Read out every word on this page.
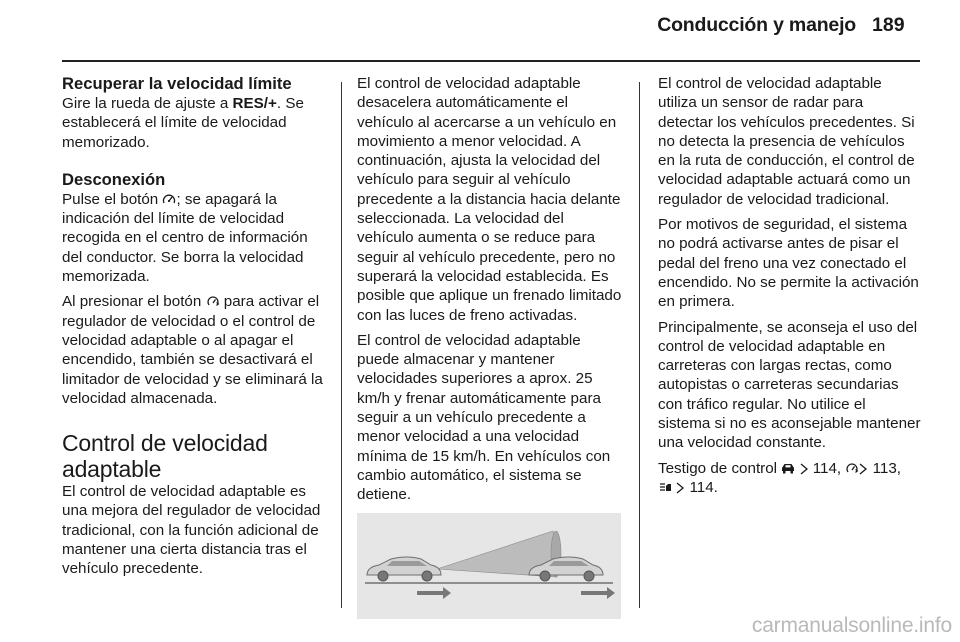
Conducción y manejo 189
Recuperar la velocidad límite

Gire la rueda de ajuste a RES/+. Se establecerá el límite de velocidad memorizado.

Desconexión

Pulse el botón ; se apagará la indicación del límite de velocidad recogida en el centro de información del conductor. Se borra la velocidad memorizada.

Al presionar el botón  para activar el regulador de velocidad o el control de velocidad adaptable o al apagar el encendido, también se desactivará el limitador de velocidad y se eliminará la velocidad almacenada.

Control de velocidad adaptable

El control de velocidad adaptable es una mejora del regulador de velocidad tradicional, con la función adicional de mantener una cierta distancia tras el vehículo precedente.

El control de velocidad adaptable desacelera automáticamente el vehículo al acercarse a un vehículo en movimiento a menor velocidad. A continuación, ajusta la velocidad del vehículo para seguir al vehículo precedente a la distancia hacia delante seleccionada. La velocidad del vehículo aumenta o se reduce para seguir al vehículo precedente, pero no superará la velocidad establecida. Es posible que aplique un frenado limitado con las luces de freno activadas.

El control de velocidad adaptable puede almacenar y mantener velocidades superiores a aprox. 25 km/h y frenar automáticamente para seguir a un vehículo precedente a menor velocidad a una velocidad mínima de 15 km/h. En vehículos con cambio automático, el sistema se detiene.

El control de velocidad adaptable utiliza un sensor de radar para detectar los vehículos precedentes. Si no detecta la presencia de vehículos en la ruta de conducción, el control de velocidad adaptable actuará como un regulador de velocidad tradicional.

Por motivos de seguridad, el sistema no podrá activarse antes de pisar el pedal del freno una vez conectado el encendido. No se permite la activación en primera.

Principalmente, se aconseja el uso del control de velocidad adaptable en carreteras con largas rectas, como autopistas o carreteras secundarias con tráfico regular. No utilice el sistema si no es aconsejable mantener una velocidad constante.

Testigo de control   114,  113,
114.

carmanualsonline.info
